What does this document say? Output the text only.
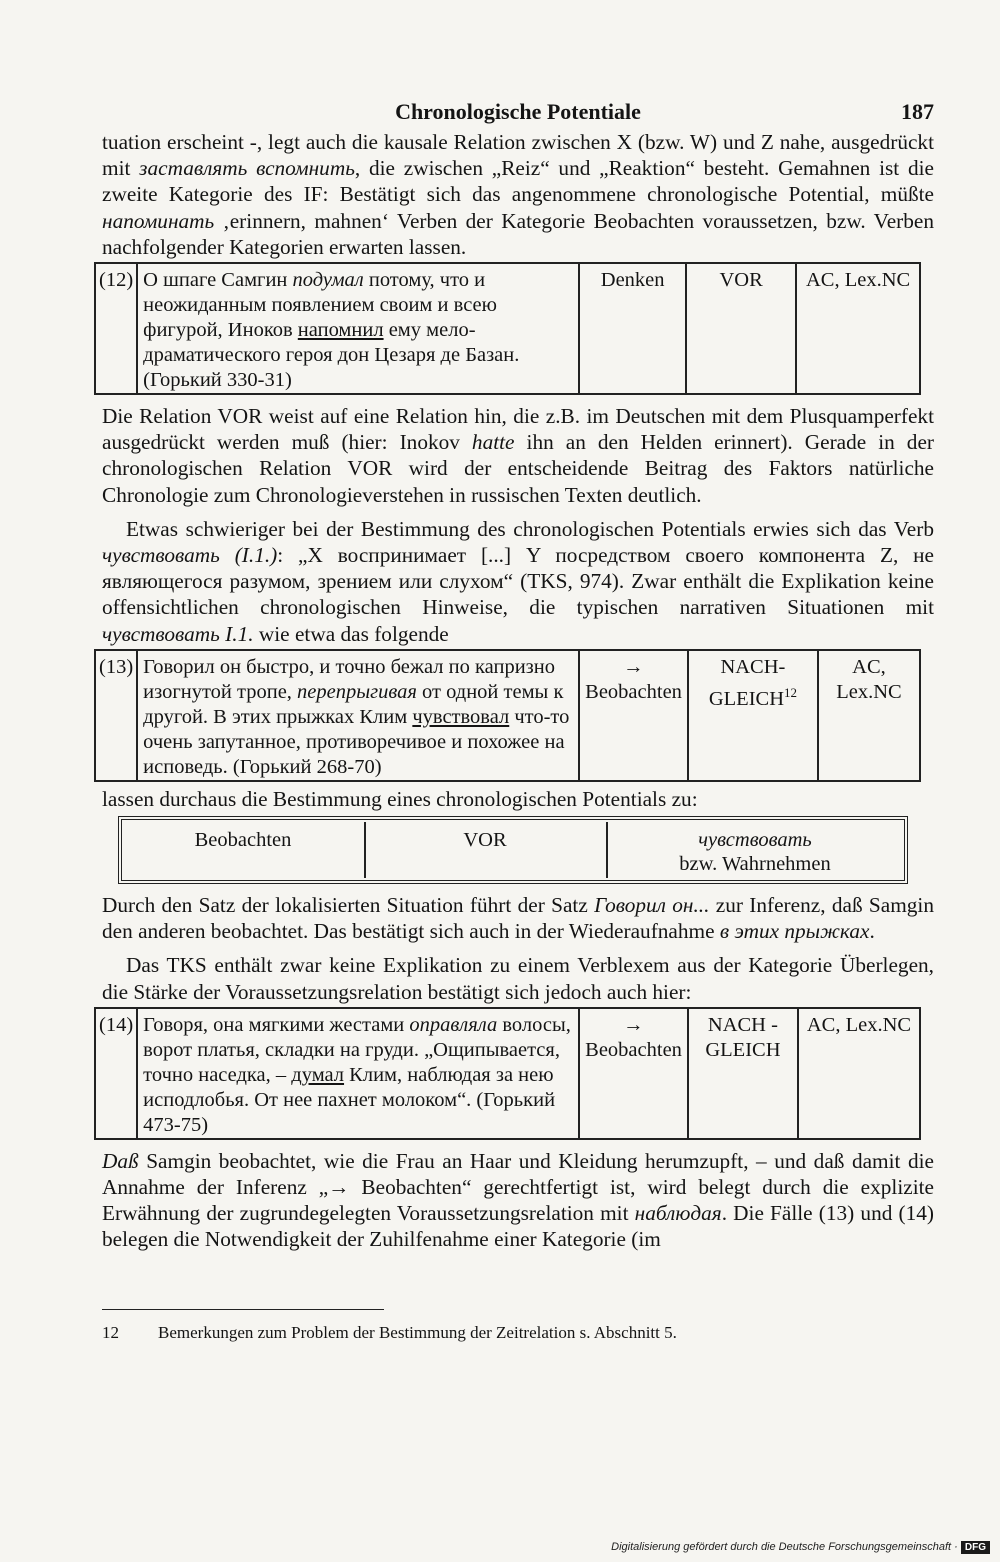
Chronologische Potentiale	187

tuation erscheint -, legt auch die kausale Relation zwischen X (bzw. W) und Z nahe, ausgedrückt mit заставлять вспомнить, die zwischen „Reiz“ und „Reaktion“ besteht. Gemahnen ist die zweite Kategorie des IF: Bestätigt sich das angenommene chronologische Potential, müßte напоминать ‚erinnern, mahnen‘ Verben der Kategorie Beobachten voraussetzen, bzw. Verben nachfolgender Kategorien erwarten lassen.

(12)	О шпаге Самгин подумал потому, что и неожиданным появлением своим и всею фигурой, Иноков напомнил ему мело-драматического героя дон Цезаря де Базан. (Горький 330-31)	Denken	VOR	AC, Lex.NC

Die Relation VOR weist auf eine Relation hin, die z.B. im Deutschen mit dem Plusquamperfekt ausgedrückt werden muß (hier: Inokov hatte ihn an den Helden erinnert). Gerade in der chronologischen Relation VOR wird der entscheidende Beitrag des Faktors natürliche Chronologie zum Chronologieverstehen in russischen Texten deutlich.

Etwas schwieriger bei der Bestimmung des chronologischen Potentials erwies sich das Verb чувствовать (I.1.): „X воспринимает [...] Y посредством своего компонента Z, не являющегося разумом, зрением или слухом“ (TKS, 974). Zwar enthält die Explikation keine offensichtlichen chronologischen Hinweise, die typischen narrativen Situationen mit чувствовать I.1. wie etwa das folgende

(13)	Говорил он быстро, и точно бежал по капризно изогнутой тропе, перепрыгивая от одной темы к другой. В этих прыжках Клим чувствовал что-то очень запутанное, противоречивое и похожее на исповедь. (Горький 268-70)	→ Beobachten	NACH-GLEICH$^{12}$	AC, Lex.NC

lassen durchaus die Bestimmung eines chronologischen Potentials zu:

Beobachten	VOR	чувствовать
bzw. Wahrnehmen

Durch den Satz der lokalisierten Situation führt der Satz Говорил он... zur Inferenz, daß Samgin den anderen beobachtet. Das bestätigt sich auch in der Wiederaufnahme в этих прыжках.

Das TKS enthält zwar keine Explikation zu einem Verblexem aus der Kategorie Überlegen, die Stärke der Voraussetzungsrelation bestätigt sich jedoch auch hier:

(14)	Говоря, она мягкими жестами оправляла волосы, ворот платья, складки на груди. „Ощипывается, точно наседка, – думал Клим, наблюдая за нею исподлобья. От нее пахнет молоком“. (Горький 473-75)	→ Beobachten	NACH -GLEICH	AC, Lex.NC

Daß Samgin beobachtet, wie die Frau an Haar und Kleidung herumzupft, – und daß damit die Annahme der Inferenz „→ Beobachten“ gerechtfertigt ist, wird belegt durch die explizite Erwähnung der zugrundegelegten Voraussetzungsrelation mit наблюдая. Die Fälle (13) und (14) belegen die Notwendigkeit der Zuhilfenahme einer Kategorie (im

12 Bemerkungen zum Problem der Bestimmung der Zeitrelation s. Abschnitt 5.
Digitalisierung gefördert durch die Deutsche Forschungsgemeinschaft · DFG
